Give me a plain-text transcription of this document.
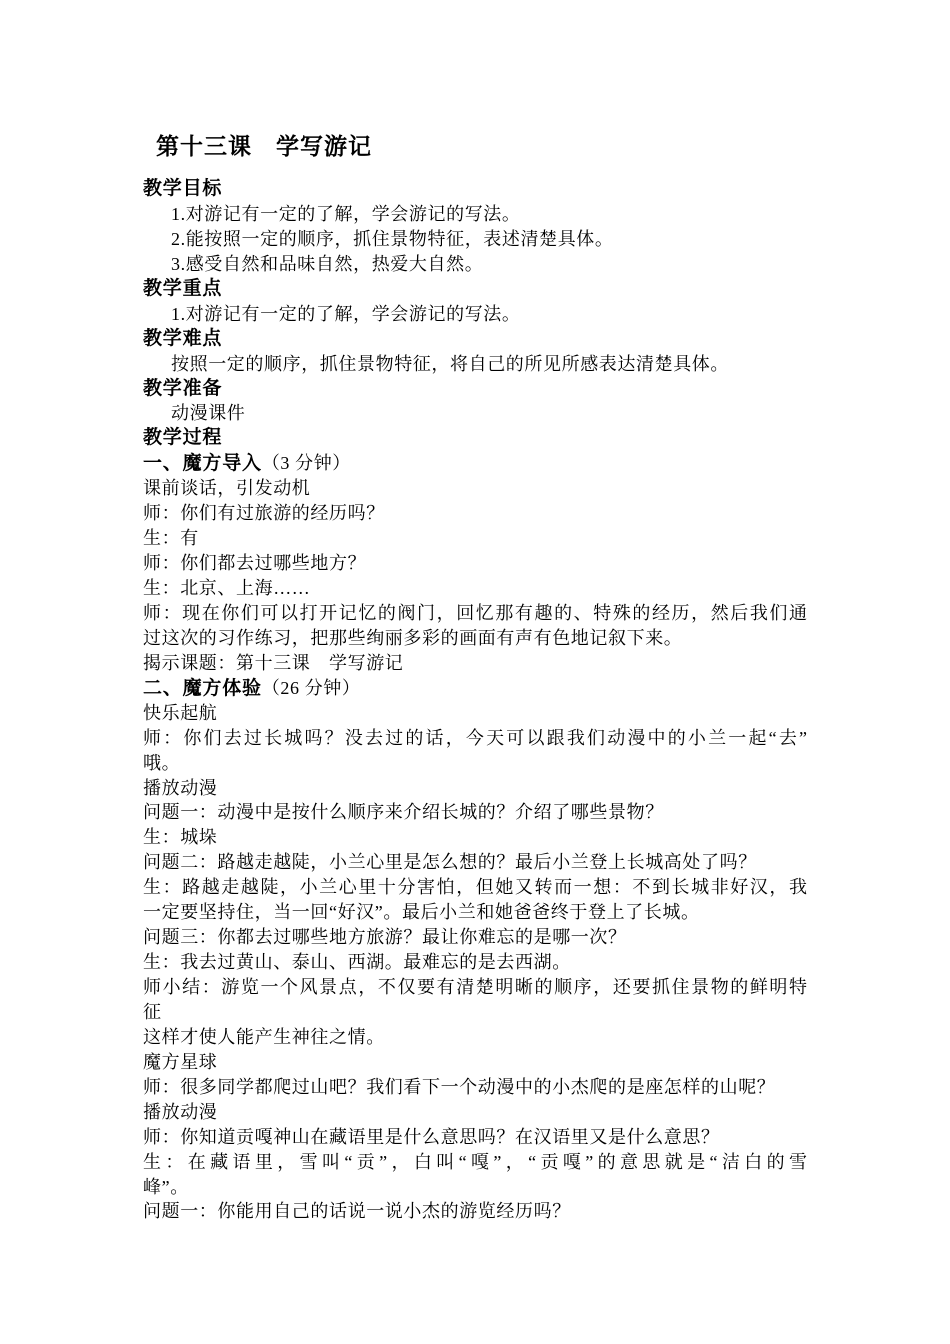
第十三课　学写游记
教学目标
1.对游记有一定的了解，学会游记的写法。
2.能按照一定的顺序，抓住景物特征，表述清楚具体。
3.感受自然和品味自然，热爱大自然。
教学重点
1.对游记有一定的了解，学会游记的写法。
教学难点
按照一定的顺序，抓住景物特征，将自己的所见所感表达清楚具体。
教学准备
动漫课件
教学过程
一、魔方导入（3 分钟）
课前谈话，引发动机
师：你们有过旅游的经历吗？
生：有
师：你们都去过哪些地方？
生：北京、上海……
师：现在你们可以打开记忆的阀门，回忆那有趣的、特殊的经历，然后我们通
过这次的习作练习，把那些绚丽多彩的画面有声有色地记叙下来。
揭示课题：第十三课　学写游记
二、魔方体验（26 分钟）
快乐起航
师：你们去过长城吗？没去过的话，今天可以跟我们动漫中的小兰一起“去”
哦。
播放动漫
问题一：动漫中是按什么顺序来介绍长城的？介绍了哪些景物？
生：城垛
问题二：路越走越陡，小兰心里是怎么想的？最后小兰登上长城高处了吗？
生：路越走越陡，小兰心里十分害怕，但她又转而一想：不到长城非好汉，我
一定要坚持住，当一回“好汉”。最后小兰和她爸爸终于登上了长城。
问题三：你都去过哪些地方旅游？最让你难忘的是哪一次？
生：我去过黄山、泰山、西湖。最难忘的是去西湖。
师小结：游览一个风景点，不仅要有清楚明晰的顺序，还要抓住景物的鲜明特
征
这样才使人能产生神往之情。
魔方星球
师：很多同学都爬过山吧？我们看下一个动漫中的小杰爬的是座怎样的山呢？
播放动漫
师：你知道贡嘎神山在藏语里是什么意思吗？在汉语里又是什么意思？
生：在藏语里，雪叫“贡”，白叫“嘎”，“贡嘎”的意思就是“洁白的雪
峰”。
问题一：你能用自己的话说一说小杰的游览经历吗？
